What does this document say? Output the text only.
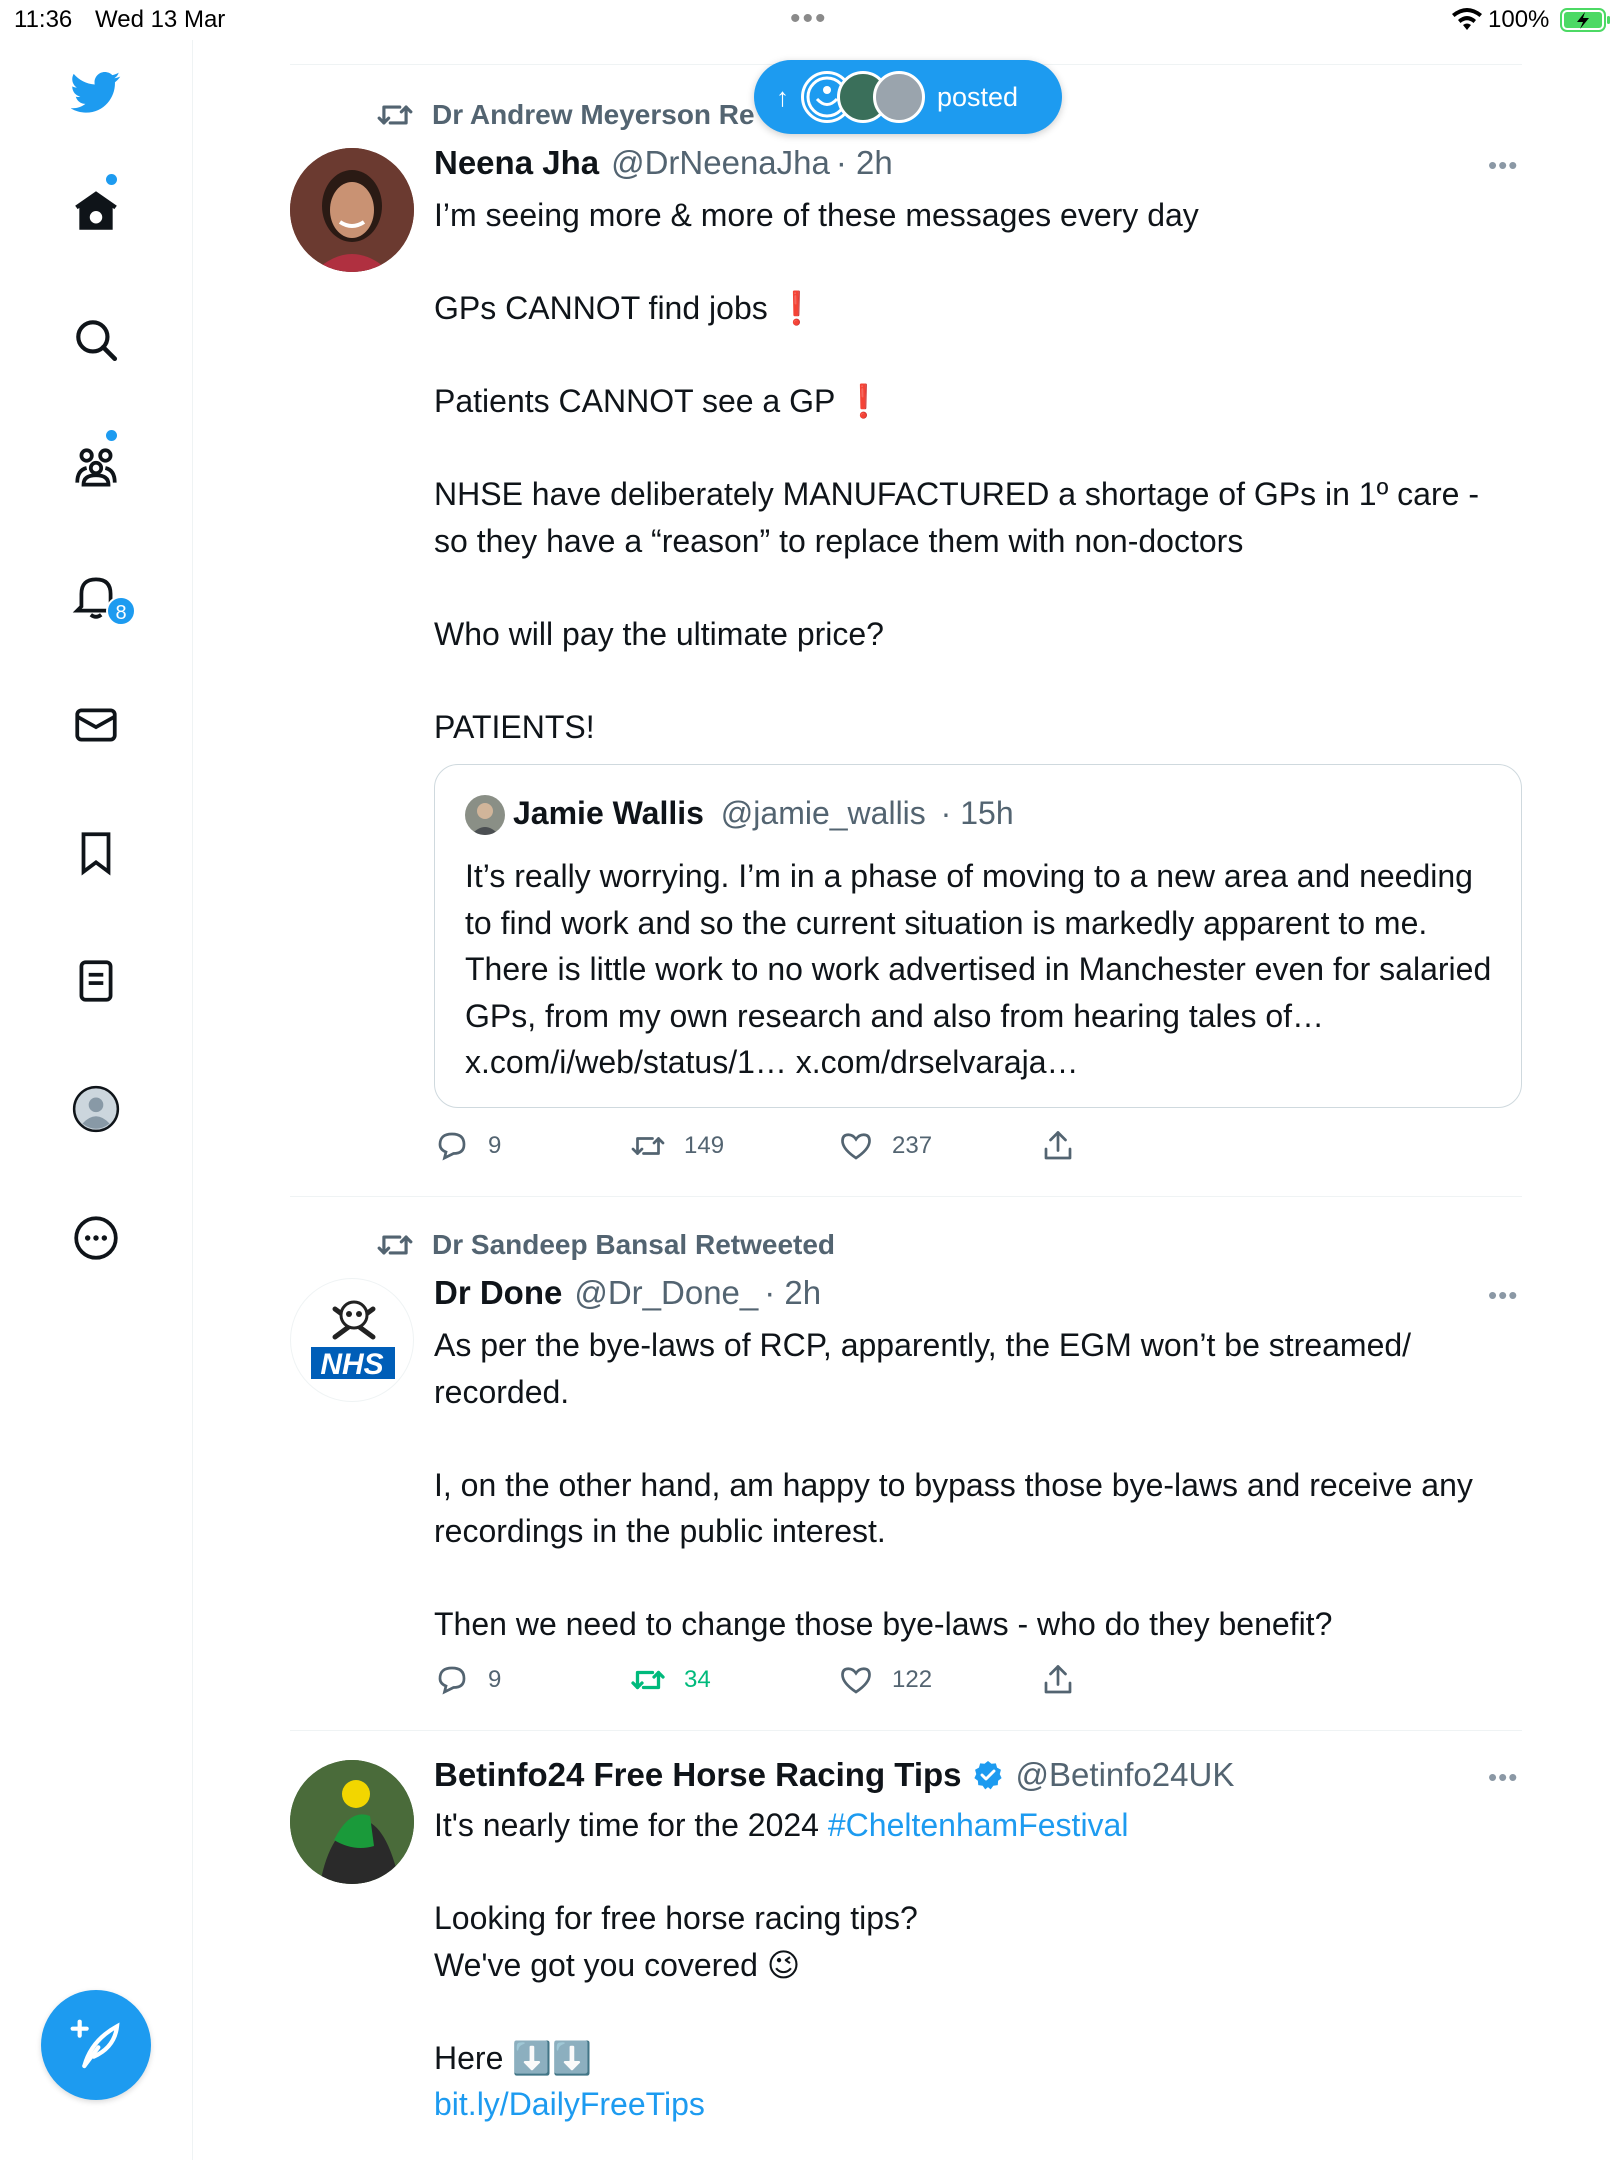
11:36 Wed 13 Mar	•••	100%
8
↑	posted
Dr Andrew Meyerson Re
Neena Jha @DrNeenaJha · 2h	•••

I’m seeing more & more of these messages every day

GPs CANNOT find jobs ❗

Patients CANNOT see a GP ❗

NHSE have deliberately MANUFACTURED a shortage of GPs in 1º care - so they have a “reason” to replace them with non-doctors

Who will pay the ultimate price?

PATIENTS!

Jamie Wallis @jamie_wallis · 15h
It’s really worrying. I’m in a phase of moving to a new area and needing to find work and so the current situation is markedly apparent to me. There is little work to no work advertised in Manchester even for salaried GPs, from my own research and also from hearing tales of… x.com/i/web/status/1… x.com/drselvaraja…
9	149	237
Dr Sandeep Bansal Retweeted
NHS
Dr Done @Dr_Done_ · 2h	•••

As per the bye-laws of RCP, apparently, the EGM won’t be streamed/ recorded.

I, on the other hand, am happy to bypass those bye-laws and receive any recordings in the public interest.

Then we need to change those bye-laws - who do they benefit?

9	34	122
Betinfo24 Free Horse Racing Tips @Betinfo24UK	•••

It's nearly time for the 2024 #CheltenhamFestival

Looking for free horse racing tips?

We've got you covered 😉

Here ⬇️⬇️

bit.ly/DailyFreeTips
